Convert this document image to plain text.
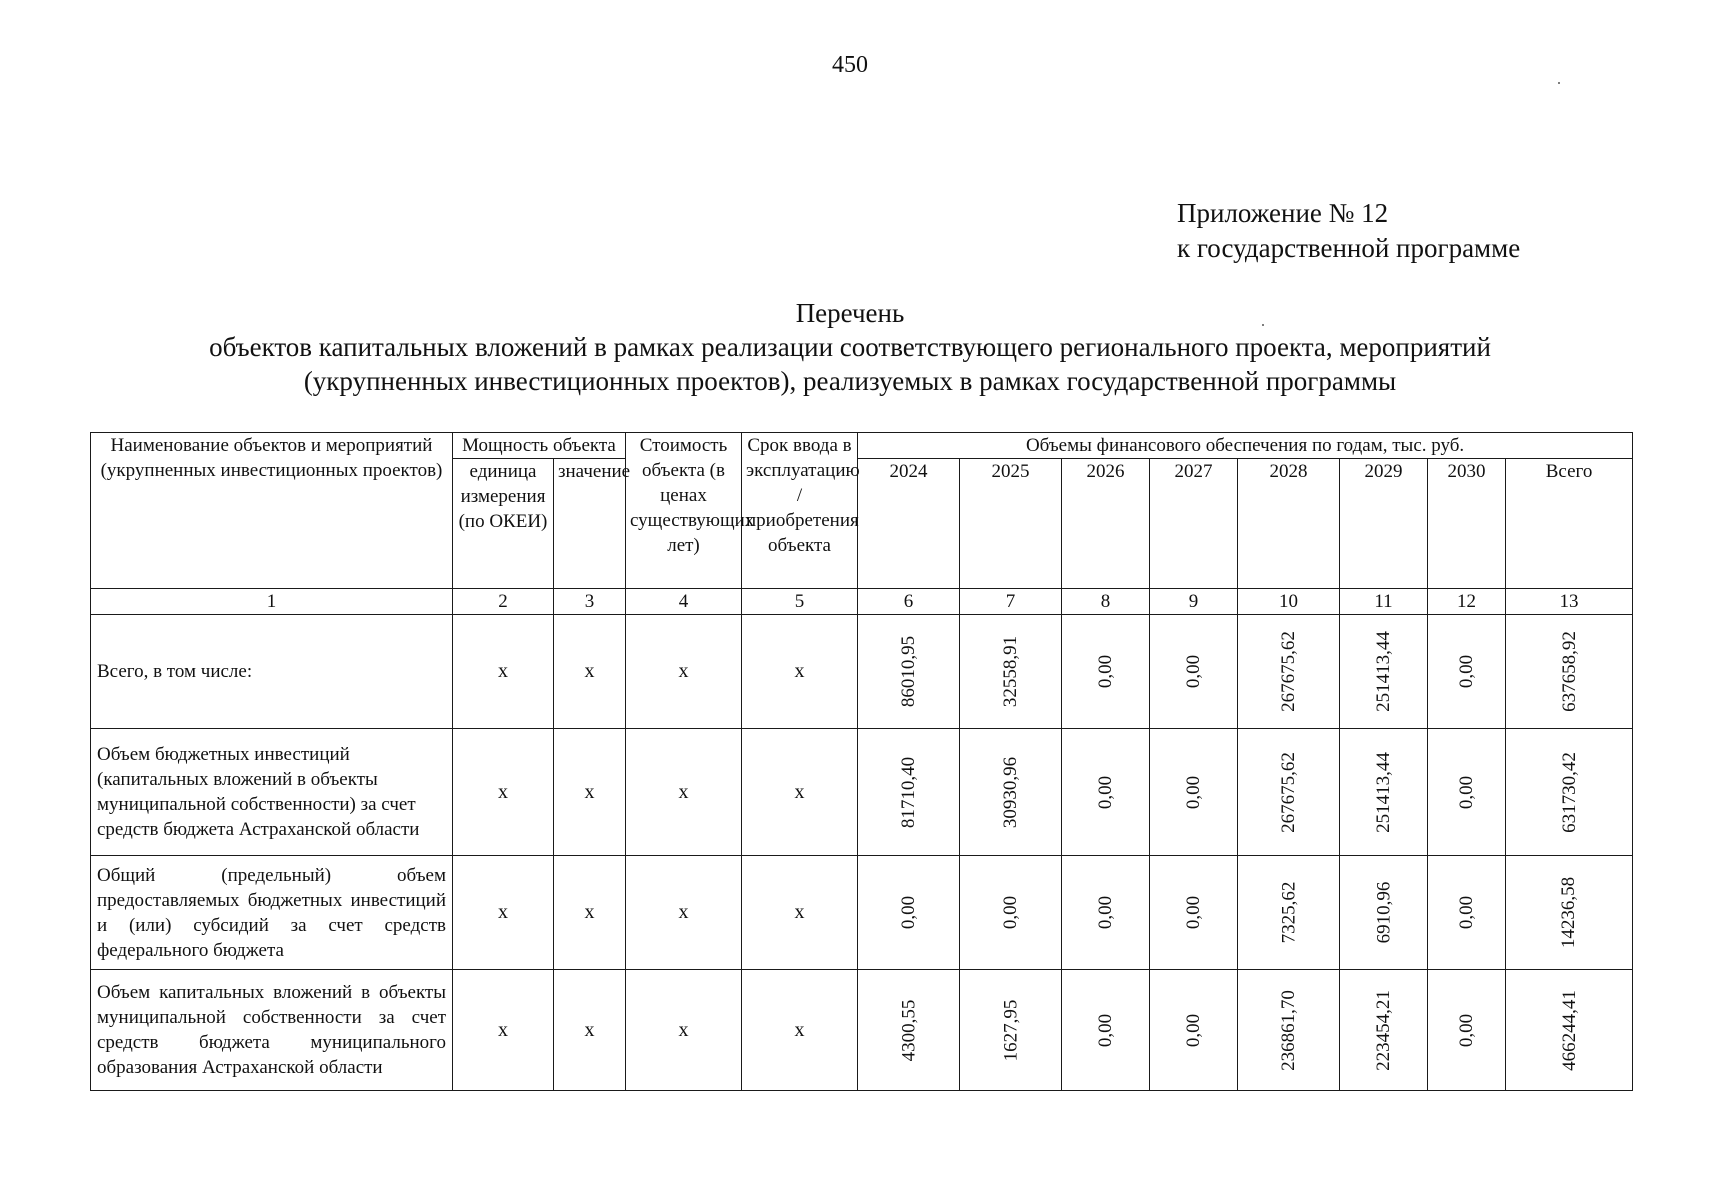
450
Приложение № 12
к государственной программе
Перечень
объектов капитальных вложений в рамках реализации соответствующего регионального проекта, мероприятий
(укрупненных инвестиционных проектов), реализуемых в рамках государственной программы
Наименование объектов и мероприятий (укрупненных инвестиционных проектов)	Мощность объекта		Стоимость объекта (в ценах существующих лет)	Срок ввода в эксплуатацию / приобретения объекта	Объемы финансового обеспечения по годам, тыс. руб.							
	единица измерения (по ОКЕИ)	значение			2024	2025	2026	2027	2028	2029	2030	Всего
1	2	3	4	5	6	7	8	9	10	11	12	13
Всего, в том числе:	х	х	х	х	86010,95	32558,91	0,00	0,00	267675,62	251413,44	0,00	637658,92
Объем бюджетных инвестиций (капитальных вложений в объекты муниципальной собственности) за счет средств бюджета Астраханской области	х	х	х	х	81710,40	30930,96	0,00	0,00	267675,62	251413,44	0,00	631730,42
Общий (предельный) объем предоставляемых бюджетных инвестиций и (или) субсидий за счет средств федерального бюджета	х	х	х	х	0,00	0,00	0,00	0,00	7325,62	6910,96	0,00	14236,58
Объем капитальных вложений в объекты муниципальной собственности за счет средств бюджета муниципального образования Астраханской области	х	х	х	х	4300,55	1627,95	0,00	0,00	236861,70	223454,21	0,00	466244,41
